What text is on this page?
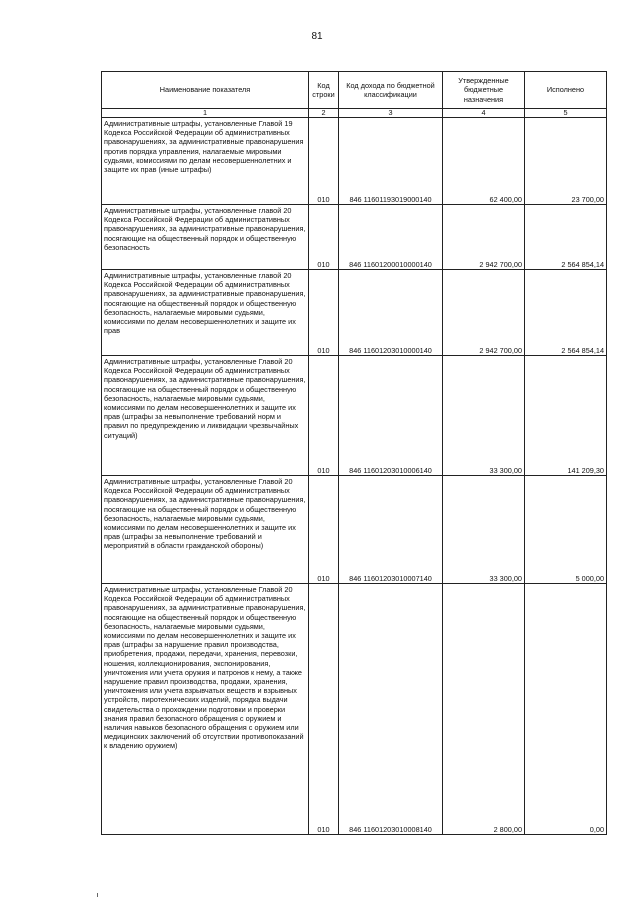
81
Наименование показателя	Код строки	Код дохода по бюджетной классификации	Утвержденные бюджетные назначения	Исполнено
1	2	3	4	5
Административные штрафы, установленные Главой 19 Кодекса Российской Федерации об административных правонарушениях, за административные правонарушения против порядка управления, налагаемые мировыми судьями, комиссиями по делам несовершеннолетних и защите их прав (иные штрафы)	010	846 11601193019000140	62 400,00	23 700,00
Административные штрафы, установленные главой 20 Кодекса Российской Федерации об административных правонарушениях, за административные правонарушения, посягающие на общественный порядок и общественную безопасность	010	846 11601200010000140	2 942 700,00	2 564 854,14
Административные штрафы, установленные главой 20 Кодекса Российской Федерации об административных правонарушениях, за административные правонарушения, посягающие на общественный порядок и общественную безопасность, налагаемые мировыми судьями, комиссиями по делам несовершеннолетних и защите их прав	010	846 11601203010000140	2 942 700,00	2 564 854,14
Административные штрафы, установленные Главой 20 Кодекса Российской Федерации об административных правонарушениях, за административные правонарушения, посягающие на общественный порядок и общественную безопасность, налагаемые мировыми судьями, комиссиями по делам несовершеннолетних и защите их прав (штрафы за невыполнение требований норм и правил по предупреждению и ликвидации чрезвычайных ситуаций)	010	846 11601203010006140	33 300,00	141 209,30
Административные штрафы, установленные Главой 20 Кодекса Российской Федерации об административных правонарушениях, за административные правонарушения, посягающие на общественный порядок и общественную безопасность, налагаемые мировыми судьями, комиссиями по делам несовершеннолетних и защите их прав (штрафы за невыполнение требований и мероприятий в области гражданской обороны)	010	846 11601203010007140	33 300,00	5 000,00
Административные штрафы, установленные Главой 20 Кодекса Российской Федерации об административных правонарушениях, за административные правонарушения, посягающие на общественный порядок и общественную безопасность, налагаемые мировыми судьями, комиссиями по делам несовершеннолетних и защите их прав (штрафы за нарушение правил производства, приобретения, продажи, передачи, хранения, перевозки, ношения, коллекционирования, экспонирования, уничтожения или учета оружия и патронов к нему, а также нарушение правил производства, продажи, хранения, уничтожения или учета взрывчатых веществ и взрывных устройств, пиротехнических изделий, порядка выдачи свидетельства о прохождении подготовки и проверки знания правил безопасного обращения с оружием и наличия навыков безопасного обращения с оружием или медицинских заключений об отсутствии противопоказаний к владению оружием)	010	846 11601203010008140	2 800,00	0,00
